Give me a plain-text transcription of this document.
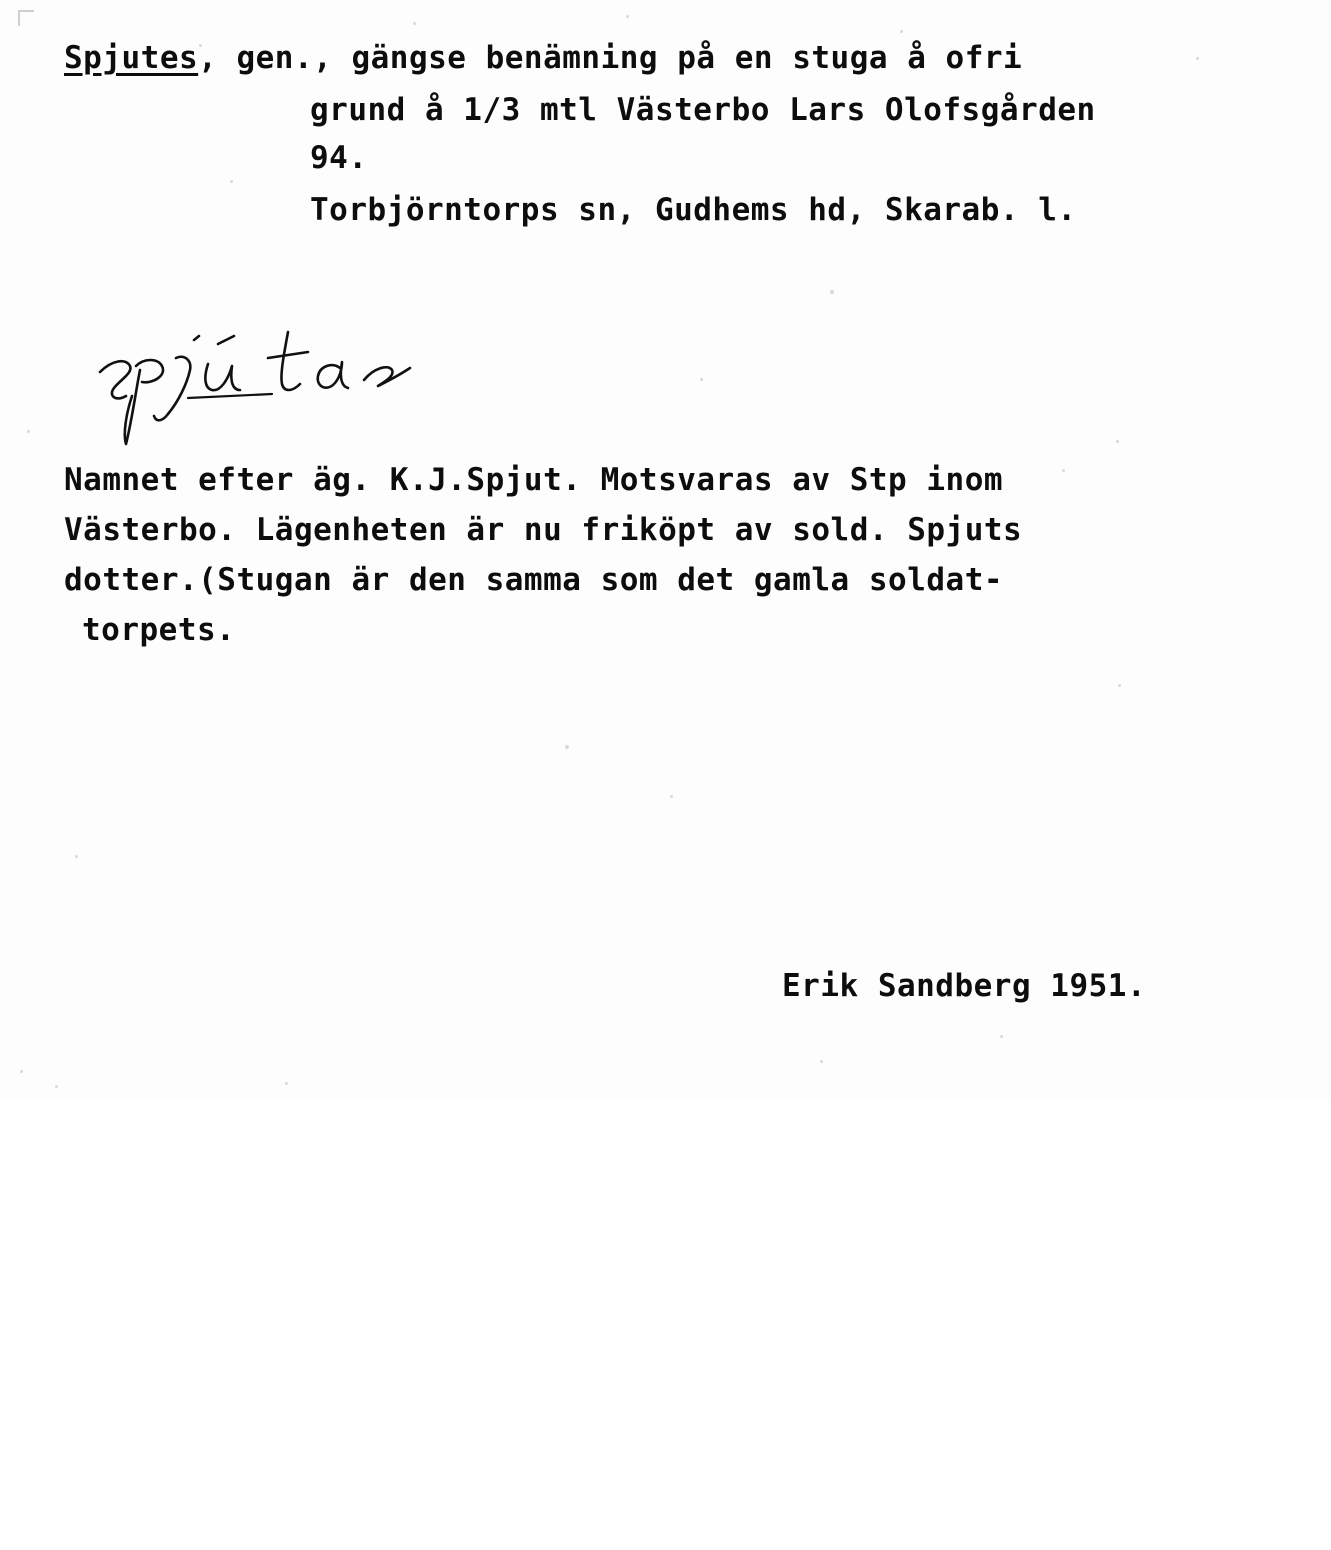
Spjutes, gen., gängse benämning på en stuga å ofri
grund å 1/3 mtl Västerbo Lars Olofsgården
94.
Torbjörntorps sn, Gudhems hd, Skarab. l.
Namnet efter äg. K.J.Spjut. Motsvaras av Stp inom
Västerbo. Lägenheten är nu friköpt av sold. Spjuts
dotter.(Stugan är den samma som det gamla soldat-
torpets.
Erik Sandberg 1951.
